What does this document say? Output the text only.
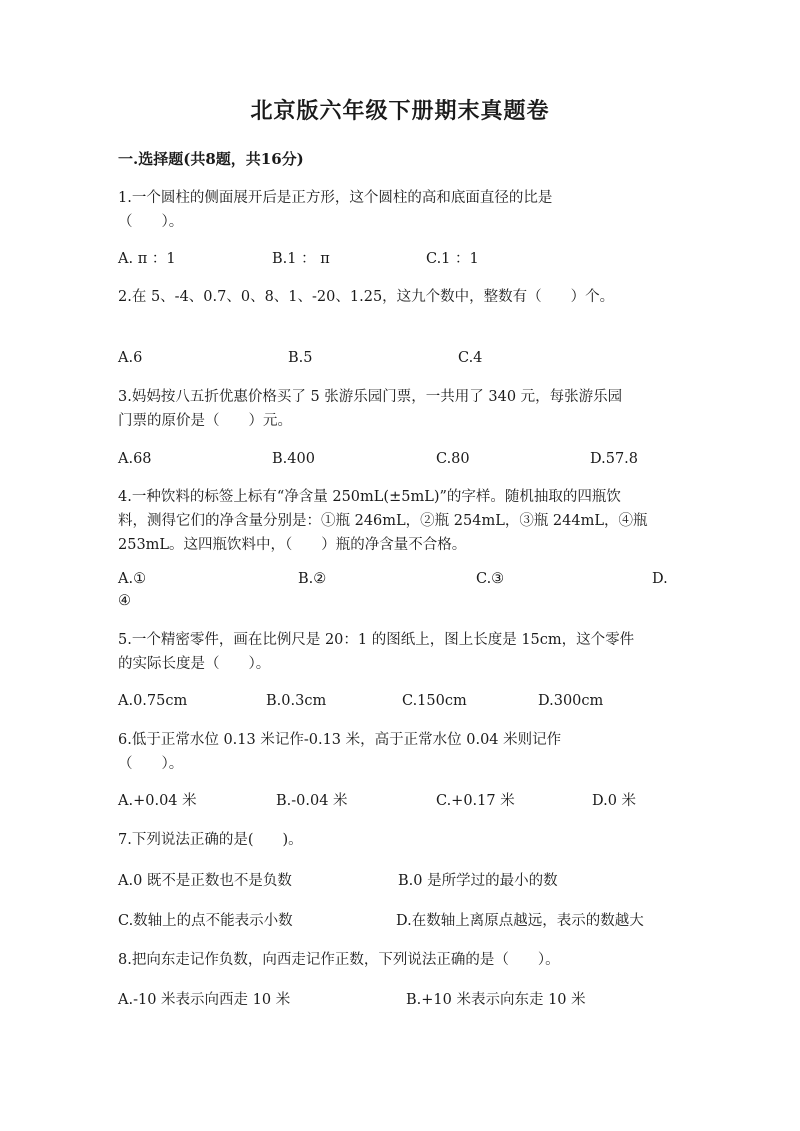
北京版六年级下册期末真题卷
一.选择题(共8题，共16分)
1.一个圆柱的侧面展开后是正方形，这个圆柱的高和底面直径的比是
（　　）。
A. π ：1	B.1 ： π	C.1 ：1
2.在 5、-4、0.7、0、8、1、-20、1.25，这九个数中，整数有（　　）个。
A.6	B.5	C.4
3.妈妈按八五折优惠价格买了 5 张游乐园门票，一共用了 340 元，每张游乐园
门票的原价是（　　）元。
A.68	B.400	C.80	D.57.8
4.一种饮料的标签上标有“净含量 250mL(±5mL)”的字样。随机抽取的四瓶饮
料，测得它们的净含量分别是：①瓶 246mL，②瓶 254mL，③瓶 244mL，④瓶
253mL。这四瓶饮料中，（　　）瓶的净含量不合格。
A.①	B.②	C.③	D.
④
5.一个精密零件，画在比例尺是 20：1 的图纸上，图上长度是 15cm，这个零件
的实际长度是（　　）。
A.0.75cm	B.0.3cm	C.150cm	D.300cm
6.低于正常水位 0.13 米记作-0.13 米，高于正常水位 0.04 米则记作
（　　）。
A.+0.04 米	B.-0.04 米	C.+0.17 米	D.0 米
7.下列说法正确的是(　　)。
A.0 既不是正数也不是负数	B.0 是所学过的最小的数
C.数轴上的点不能表示小数	D.在数轴上离原点越远，表示的数越大
8.把向东走记作负数，向西走记作正数，下列说法正确的是（　　）。
A.-10 米表示向西走 10 米	B.+10 米表示向东走 10 米
